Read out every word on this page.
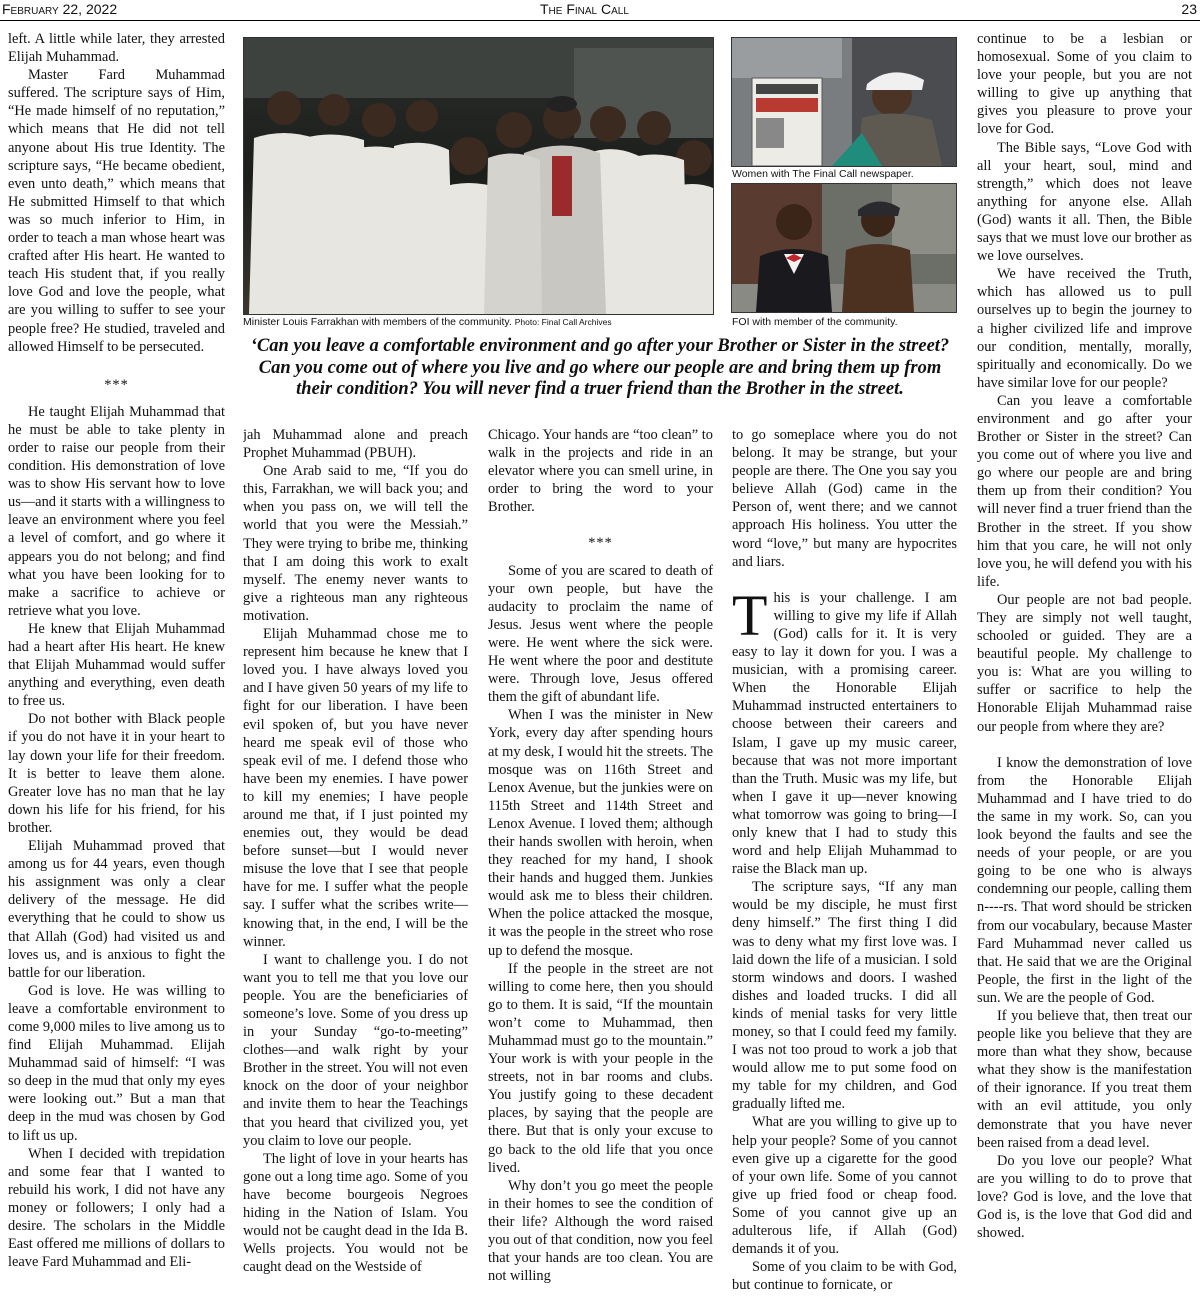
February 22, 2022	The Final Call	23

left. A little while later, they arrested Elijah Muhammad.

Master Fard Muhammad suffered. The scripture says of Him, “He made himself of no reputation,” which means that He did not tell anyone about His true Identity. The scripture says, “He became obedient, even unto death,” which means that He submitted Himself to that which was so much inferior to Him, in order to teach a man whose heart was crafted after His heart. He wanted to teach His student that, if you really love God and love the people, what are you willing to suffer to see your people free? He studied, traveled and allowed Himself to be persecuted.

***

He taught Elijah Muhammad that he must be able to take plenty in order to raise our people from their condition. His demonstration of love was to show His servant how to love us—and it starts with a willingness to leave an environment where you feel a level of comfort, and go where it appears you do not belong; and find what you have been looking for to make a sacrifice to achieve or retrieve what you love.

He knew that Elijah Muhammad had a heart after His heart. He knew that Elijah Muhammad would suffer anything and everything, even death to free us.

Do not bother with Black people if you do not have it in your heart to lay down your life for their freedom. It is better to leave them alone. Greater love has no man that he lay down his life for his friend, for his brother.

Elijah Muhammad proved that among us for 44 years, even though his assignment was only a clear delivery of the message. He did everything that he could to show us that Allah (God) had visited us and loves us, and is anxious to fight the battle for our liberation.

God is love. He was willing to leave a comfortable environment to come 9,000 miles to live among us to find Elijah Muhammad. Elijah Muhammad said of himself: “I was so deep in the mud that only my eyes were looking out.” But a man that deep in the mud was chosen by God to lift us up.

When I decided with trepidation and some fear that I wanted to rebuild his work, I did not have any money or followers; I only had a desire. The scholars in the Middle East offered me millions of dollars to leave Fard Muhammad and Eli-

Minister Louis Farrakhan with members of the community. Photo: Final Call Archives
Women with The Final Call newspaper.
FOI with member of the community.
‘Can you leave a comfortable environment and go after your Brother or Sister in the street? Can you come out of where you live and go where our people are and bring them up from their condition? You will never find a truer friend than the Brother in the street.

jah Muhammad alone and preach Prophet Muhammad (PBUH).

One Arab said to me, “If you do this, Farrakhan, we will back you; and when you pass on, we will tell the world that you were the Messiah.” They were trying to bribe me, thinking that I am doing this work to exalt myself. The enemy never wants to give a righteous man any righteous motivation.

Elijah Muhammad chose me to represent him because he knew that I loved you. I have always loved you and I have given 50 years of my life to fight for our liberation. I have been evil spoken of, but you have never heard me speak evil of those who speak evil of me. I defend those who have been my enemies. I have power to kill my enemies; I have people around me that, if I just pointed my enemies out, they would be dead before sunset—but I would never misuse the love that I see that people have for me. I suffer what the people say. I suffer what the scribes write—knowing that, in the end, I will be the winner.

I want to challenge you. I do not want you to tell me that you love our people. You are the beneficiaries of someone’s love. Some of you dress up in your Sunday “go-to-meeting” clothes—and walk right by your Brother in the street. You will not even knock on the door of your neighbor and invite them to hear the Teachings that you heard that civilized you, yet you claim to love our people.

The light of love in your hearts has gone out a long time ago. Some of you have become bourgeois Negroes hiding in the Nation of Islam. You would not be caught dead in the Ida B. Wells projects. You would not be caught dead on the Westside of

Chicago. Your hands are “too clean” to walk in the projects and ride in an elevator where you can smell urine, in order to bring the word to your Brother.

***

Some of you are scared to death of your own people, but have the audacity to proclaim the name of Jesus. Jesus went where the people were. He went where the sick were. He went where the poor and destitute were. Through love, Jesus offered them the gift of abundant life.

When I was the minister in New York, every day after spending hours at my desk, I would hit the streets. The mosque was on 116th Street and Lenox Avenue, but the junkies were on 115th Street and 114th Street and Lenox Avenue. I loved them; although their hands swollen with heroin, when they reached for my hand, I shook their hands and hugged them. Junkies would ask me to bless their children. When the police attacked the mosque, it was the people in the street who rose up to defend the mosque.

If the people in the street are not willing to come here, then you should go to them. It is said, “If the mountain won’t come to Muhammad, then Muhammad must go to the mountain.” Your work is with your people in the streets, not in bar rooms and clubs. You justify going to these decadent places, by saying that the people are there. But that is only your excuse to go back to the old life that you once lived.

Why don’t you go meet the people in their homes to see the condition of their life? Although the word raised you out of that condition, now you feel that your hands are too clean. You are not willing

to go someplace where you do not belong. It may be strange, but your people are there. The One you say you believe Allah (God) came in the Person of, went there; and we cannot approach His holiness. You utter the word “love,” but many are hypocrites and liars.

This is your challenge. I am willing to give my life if Allah (God) calls for it. It is very easy to lay it down for you. I was a musician, with a promising career. When the Honorable Elijah Muhammad instructed entertainers to choose between their careers and Islam, I gave up my music career, because that was not more important than the Truth. Music was my life, but when I gave it up—never knowing what tomorrow was going to bring—I only knew that I had to study this word and help Elijah Muhammad to raise the Black man up.

The scripture says, “If any man would be my disciple, he must first deny himself.” The first thing I did was to deny what my first love was. I laid down the life of a musician. I sold storm windows and doors. I washed dishes and loaded trucks. I did all kinds of menial tasks for very little money, so that I could feed my family. I was not too proud to work a job that would allow me to put some food on my table for my children, and God gradually lifted me.

What are you willing to give up to help your people? Some of you cannot even give up a cigarette for the good of your own life. Some of you cannot give up fried food or cheap food. Some of you cannot give up an adulterous life, if Allah (God) demands it of you.

Some of you claim to be with God, but continue to fornicate, or

continue to be a lesbian or homosexual. Some of you claim to love your people, but you are not willing to give up anything that gives you pleasure to prove your love for God.

The Bible says, “Love God with all your heart, soul, mind and strength,” which does not leave anything for anyone else. Allah (God) wants it all. Then, the Bible says that we must love our brother as we love ourselves.

We have received the Truth, which has allowed us to pull ourselves up to begin the journey to a higher civilized life and improve our condition, mentally, morally, spiritually and economically. Do we have similar love for our people?

Can you leave a comfortable environment and go after your Brother or Sister in the street? Can you come out of where you live and go where our people are and bring them up from their condition? You will never find a truer friend than the Brother in the street. If you show him that you care, he will not only love you, he will defend you with his life.

Our people are not bad people. They are simply not well taught, schooled or guided. They are a beautiful people. My challenge to you is: What are you willing to suffer or sacrifice to help the Honorable Elijah Muhammad raise our people from where they are?

I know the demonstration of love from the Honorable Elijah Muhammad and I have tried to do the same in my work. So, can you look beyond the faults and see the needs of your people, or are you going to be one who is always condemning our people, calling them n----rs. That word should be stricken from our vocabulary, because Master Fard Muhammad never called us that. He said that we are the Original People, the first in the light of the sun. We are the people of God.

If you believe that, then treat our people like you believe that they are more than what they show, because what they show is the manifestation of their ignorance. If you treat them with an evil attitude, you only demonstrate that you have never been raised from a dead level.

Do you love our people? What are you willing to do to prove that love? God is love, and the love that God is, is the love that God did and showed.
